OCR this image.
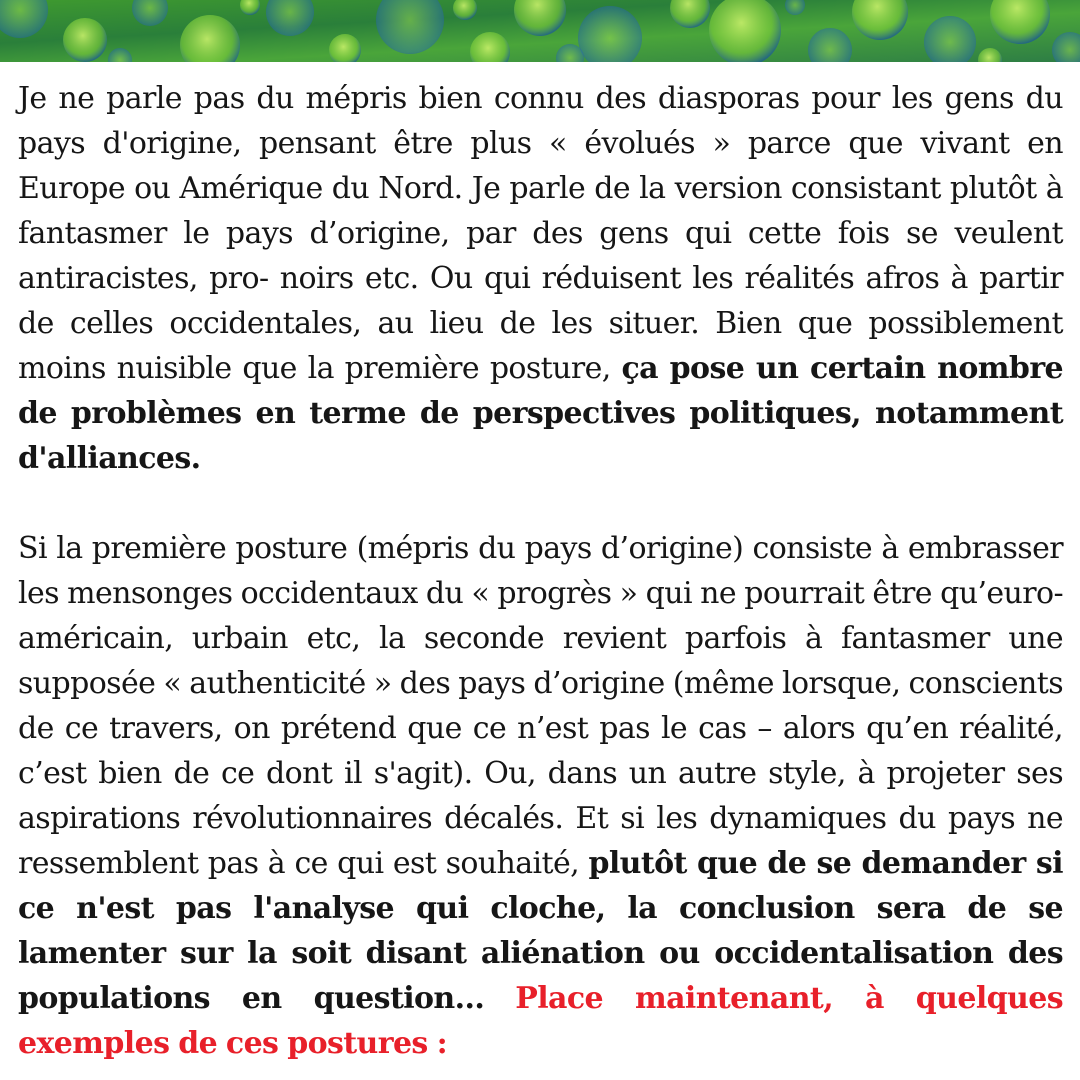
Je ne parle pas du mépris bien connu des diasporas pour les gens du pays d'origine, pensant être plus « évolués » parce que vivant en Europe ou Amérique du Nord. Je parle de la version consistant plutôt à fantasmer le pays d’origine, par des gens qui cette fois se veulent antiracistes, pro- noirs etc. Ou qui réduisent les réalités afros à partir de celles occidentales, au lieu de les situer. Bien que possiblement moins nuisible que la première posture, ça pose un certain nombre de problèmes en terme de perspectives politiques, notamment d'alliances.

Si la première posture (mépris du pays d’origine) consiste à embrasser les mensonges occidentaux du « progrès » qui ne pourrait être qu’euro-américain, urbain etc, la seconde revient parfois à fantasmer une supposée « authenticité » des pays d’origine (même lorsque, conscients de ce travers, on prétend que ce n’est pas le cas – alors qu’en réalité, c’est bien de ce dont il s'agit). Ou, dans un autre style, à projeter ses aspirations révolutionnaires décalés. Et si les dynamiques du pays ne ressemblent pas à ce qui est souhaité, plutôt que de se demander si ce n'est pas l'analyse qui cloche, la conclusion sera de se lamenter sur la soit disant aliénation ou occidentalisation des populations en question... Place maintenant, à quelques exemples de ces postures :
